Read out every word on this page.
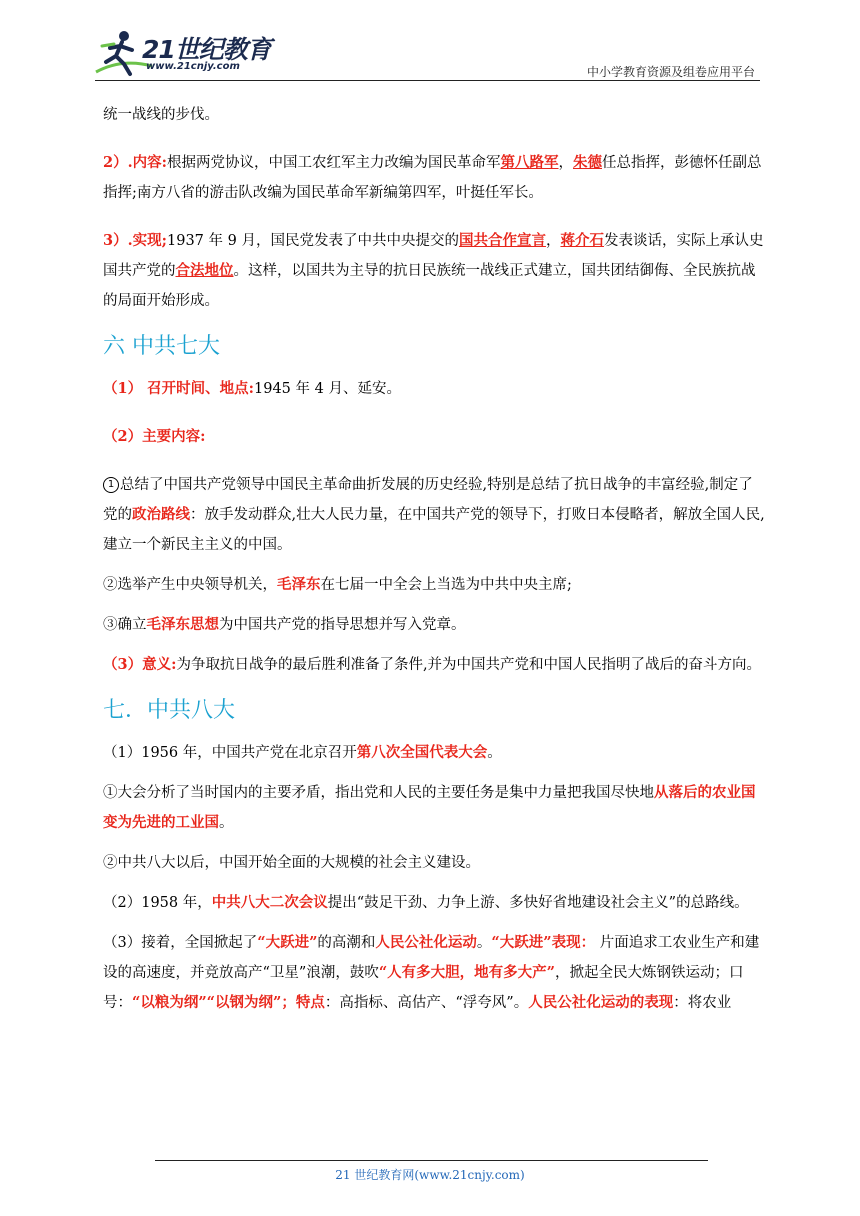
21世纪教育
www.21cnjy.com	中小学教育资源及组卷应用平台

统一战线的步伐。

2）.内容:根据两党协议，中国工农红军主力改编为国民革命军第八路军，朱德任总指挥，彭德怀任副总指挥;南方八省的游击队改编为国民革命军新编第四军，叶挺任军长。

3）.实现;1937 年 9 月，国民党发表了中共中央提交的国共合作宣言，蒋介石发表谈话，实际上承认史国共产党的合法地位。这样，以国共为主导的抗日民族统一战线正式建立，国共团结御侮、全民族抗战的局面开始形成。

六 中共七大

（1） 召开时间、地点:1945 年 4 月、延安。

（2）主要内容:

1 总结了中国共产党领导中国民主革命曲折发展的历史经验,特别是总结了抗日战争的丰富经验,制定了党的政治路线：放手发动群众,壮大人民力量，在中国共产党的领导下，打败日本侵略者，解放全国人民,建立一个新民主主义的中国。

②选举产生中央领导机关，毛泽东在七届一中全会上当选为中共中央主席;

③确立毛泽东思想为中国共产党的指导思想并写入党章。

（3）意义:为争取抗日战争的最后胜利准备了条件,并为中国共产党和中国人民指明了战后的奋斗方向。

七．中共八大

（1）1956 年，中国共产党在北京召开第八次全国代表大会。

①大会分析了当时国内的主要矛盾，指出党和人民的主要任务是集中力量把我国尽快地从落后的农业国变为先进的工业国。

②中共八大以后，中国开始全面的大规模的社会主义建设。

（2）1958 年，中共八大二次会议提出“鼓足干劲、力争上游、多快好省地建设社会主义”的总路线。

（3）接着，全国掀起了“大跃进”的高潮和人民公社化运动。“大跃进”表现： 片面追求工农业生产和建设的高速度，并竞放高产“卫星”浪潮，鼓吹“人有多大胆，地有多大产”，掀起全民大炼钢铁运动；口号：“以粮为纲”“以钢为纲”；特点：高指标、高估产、“浮夸风”。人民公社化运动的表现：将农业

21 世纪教育网(www.21cnjy.com)
